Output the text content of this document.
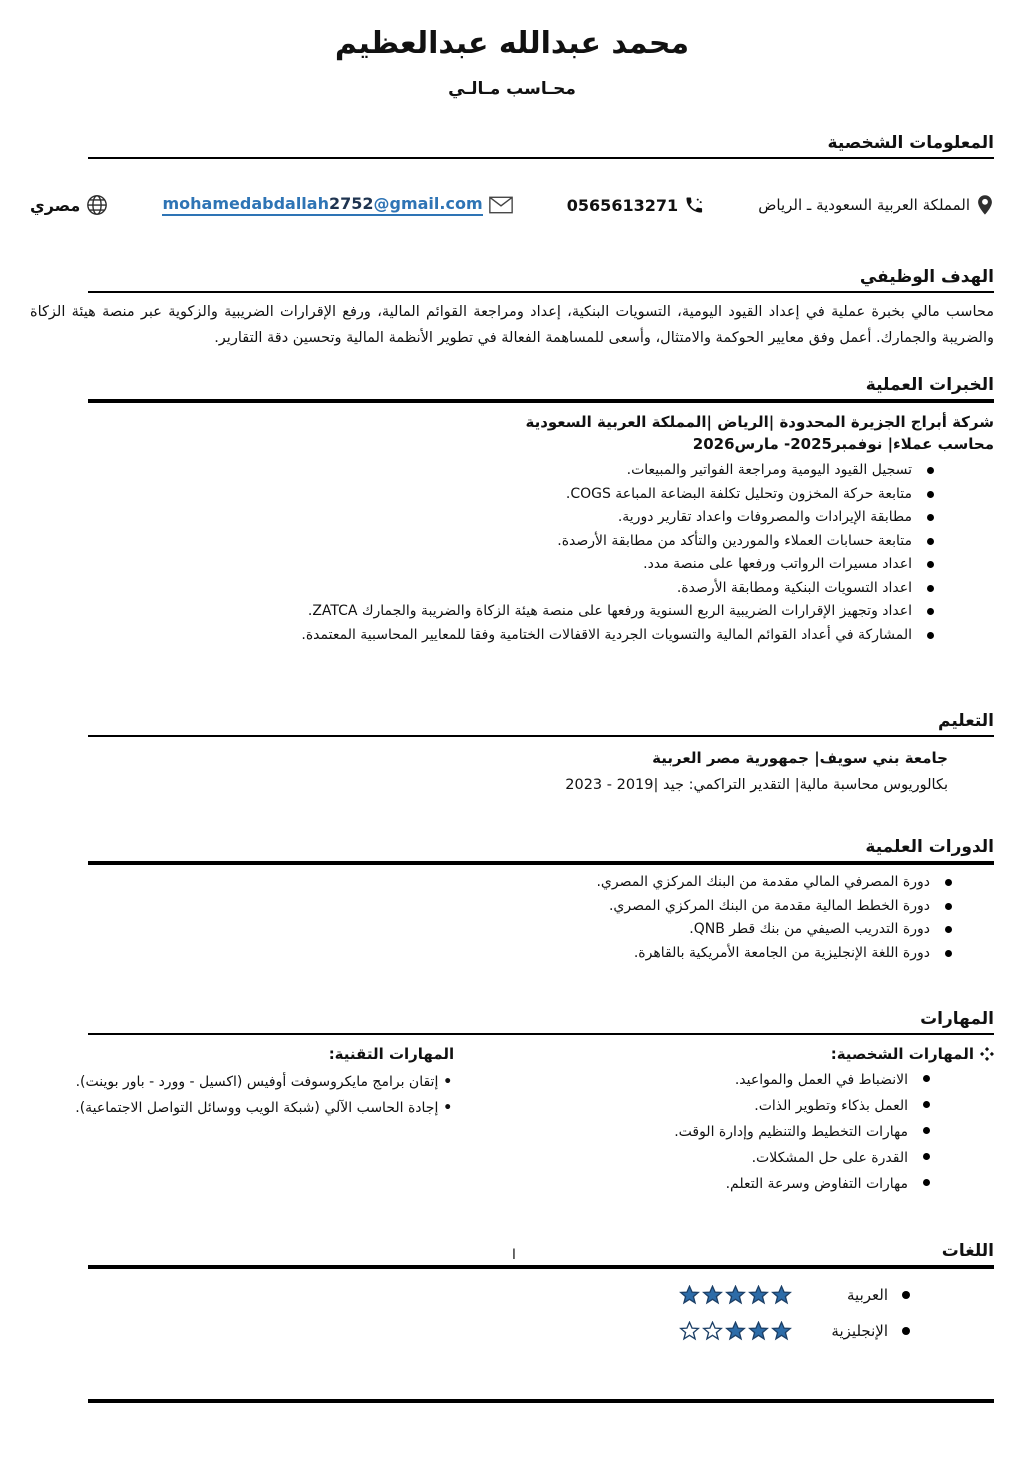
محمد عبدالله عبدالعظيم
محـاسب مـالـي
المعلومات الشخصية
المملكة العربية السعودية ـ الرياض
0565613271
mohamedabdallah2752@gmail.com
مصري
الهدف الوظيفي

محاسب مالي بخبرة عملية في إعداد القيود اليومية، التسويات البنكية، إعداد ومراجعة القوائم المالية، ورفع الإقرارات الضريبية والزكوية عبر منصة هيئة الزكاة والضريبة والجمارك. أعمل وفق معايير الحوكمة والامتثال، وأسعى للمساهمة الفعالة في تطوير الأنظمة المالية وتحسين دقة التقارير.

الخبرات العملية
شركة أبراج الجزيرة المحدودة |الرياض |المملكة العربية السعودية
محاسب عملاء| نوفمبر2025- مارس2026
تسجيل القيود اليومية ومراجعة الفواتير والمبيعات.
متابعة حركة المخزون وتحليل تكلفة البضاعة المباعة COGS.
مطابقة الإيرادات والمصروفات واعداد تقارير دورية.
متابعة حسابات العملاء والموردين والتأكد من مطابقة الأرصدة.
اعداد مسيرات الرواتب ورفعها على منصة مدد.
اعداد التسويات البنكية ومطابقة الأرصدة.
اعداد وتجهيز الإقرارات الضريبية الربع السنوية ورفعها على منصة هيئة الزكاة والضريبة والجمارك ZATCA.
المشاركة في أعداد القوائم المالية والتسويات الجردية الاقفالات الختامية وفقا للمعايير المحاسبية المعتمدة.
التعليم
جامعة بني سويف| جمهورية مصر العربية
بكالوريوس محاسبة مالية| التقدير التراكمي: جيد |2019 - 2023
الدورات العلمية
دورة المصرفي المالي مقدمة من البنك المركزي المصري.
دورة الخطط المالية مقدمة من البنك المركزي المصري.
دورة التدريب الصيفي من بنك قطر QNB.
دورة اللغة الإنجليزية من الجامعة الأمريكية بالقاهرة.
المهارات
المهارات الشخصية:
الانضباط في العمل والمواعيد.
العمل بذكاء وتطوير الذات.
مهارات التخطيط والتنظيم وإدارة الوقت.
القدرة على حل المشكلات.
مهارات التفاوض وسرعة التعلم.
المهارات التقنية:
• إتقان برامج مايكروسوفت أوفيس (اكسيل - وورد - باور بوينت).
• إجادة الحاسب الآلي (شبكة الويب ووسائل التواصل الاجتماعية).
اللغات
ا
العربية
الإنجليزية
